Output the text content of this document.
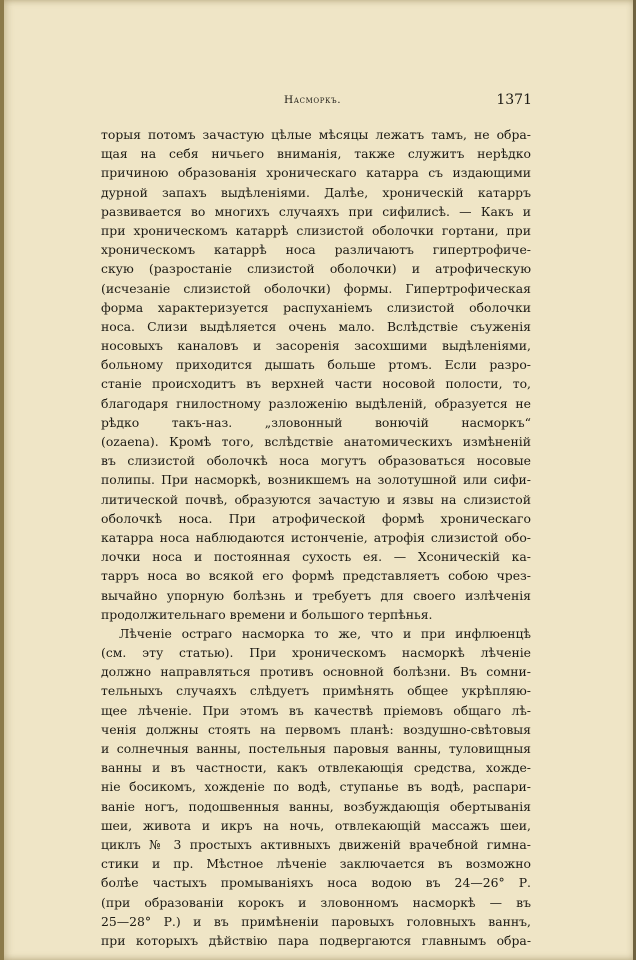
Насморкъ.	1371
торыя потомъ зачастую цѣлые мѣсяцы лежатъ тамъ, не обра-
щая на себя ничьего вниманія, также служитъ нерѣдко
причиною образованія хроническаго катарра съ издающими
дурной запахъ выдѣленіями. Далѣе, хроническій катарръ
развивается во многихъ случаяхъ при сифилисѣ. — Какъ и
при хроническомъ катаррѣ слизистой оболочки гортани, при
хроническомъ катаррѣ носа различаютъ гипертрофиче-
скую (разростаніе слизистой оболочки) и атрофическую
(исчезаніе слизистой оболочки) формы. Гипертрофическая
форма характеризуется распуханіемъ слизистой оболочки
носа. Слизи выдѣляется очень мало. Вслѣдствіе съуженія
носовыхъ каналовъ и засоренія засохшими выдѣленіями,
больному приходится дышать больше ртомъ. Если разро-
станіе происходитъ въ верхней части носовой полости, то,
благодаря гнилостному разложенію выдѣленій, образуется не
рѣдко такъ-наз. „зловонный вонючій насморкъ“
(ozaena). Кромѣ того, вслѣдствіе анатомическихъ измѣненій
въ слизистой оболочкѣ носа могутъ образоваться носовые
полипы. При насморкѣ, возникшемъ на золотушной или сифи-
литической почвѣ, образуются зачастую и язвы на слизистой
оболочкѣ носа. При атрофической формѣ хроническаго
катарра носа наблюдаются истонченіе, атрофія слизистой обо-
лочки носа и постоянная сухость ея. — Хсоническій ка-
тарръ носа во всякой его формѣ представляетъ собою чрез-
вычайно упорную болѣзнь и требуетъ для своего излѣченія
продолжительнаго времени и большого терпѣнья.
Лѣченіе остраго насморка то же, что и при инфлюенцѣ
(см. эту статью). При хроническомъ насморкѣ лѣченіе
должно направляться противъ основной болѣзни. Въ сомни-
тельныхъ случаяхъ слѣдуетъ примѣнять общее укрѣпляю-
щее лѣченіе. При этомъ въ качествѣ пріемовъ общаго лѣ-
ченія должны стоять на первомъ планѣ: воздушно-свѣтовыя
и солнечныя ванны, постельныя паровыя ванны, туловищныя
ванны и въ частности, какъ отвлекающія средства, хожде-
ніе босикомъ, хожденіе по водѣ, ступанье въ водѣ, распари-
ваніе ногъ, подошвенныя ванны, возбуждающія обертыванія
шеи, живота и икръ на ночь, отвлекающій массажъ шеи,
циклъ № 3 простыхъ активныхъ движеній врачебной гимна-
стики и пр. Мѣстное лѣченіе заключается въ возможно
болѣе частыхъ промываніяхъ носа водою въ 24—26° Р.
(при образованіи корокъ и зловонномъ насморкѣ — въ
25—28° Р.) и въ примѣненіи паровыхъ головныхъ ваннъ,
при которыхъ дѣйствію пара подвергаются главнымъ обра-
